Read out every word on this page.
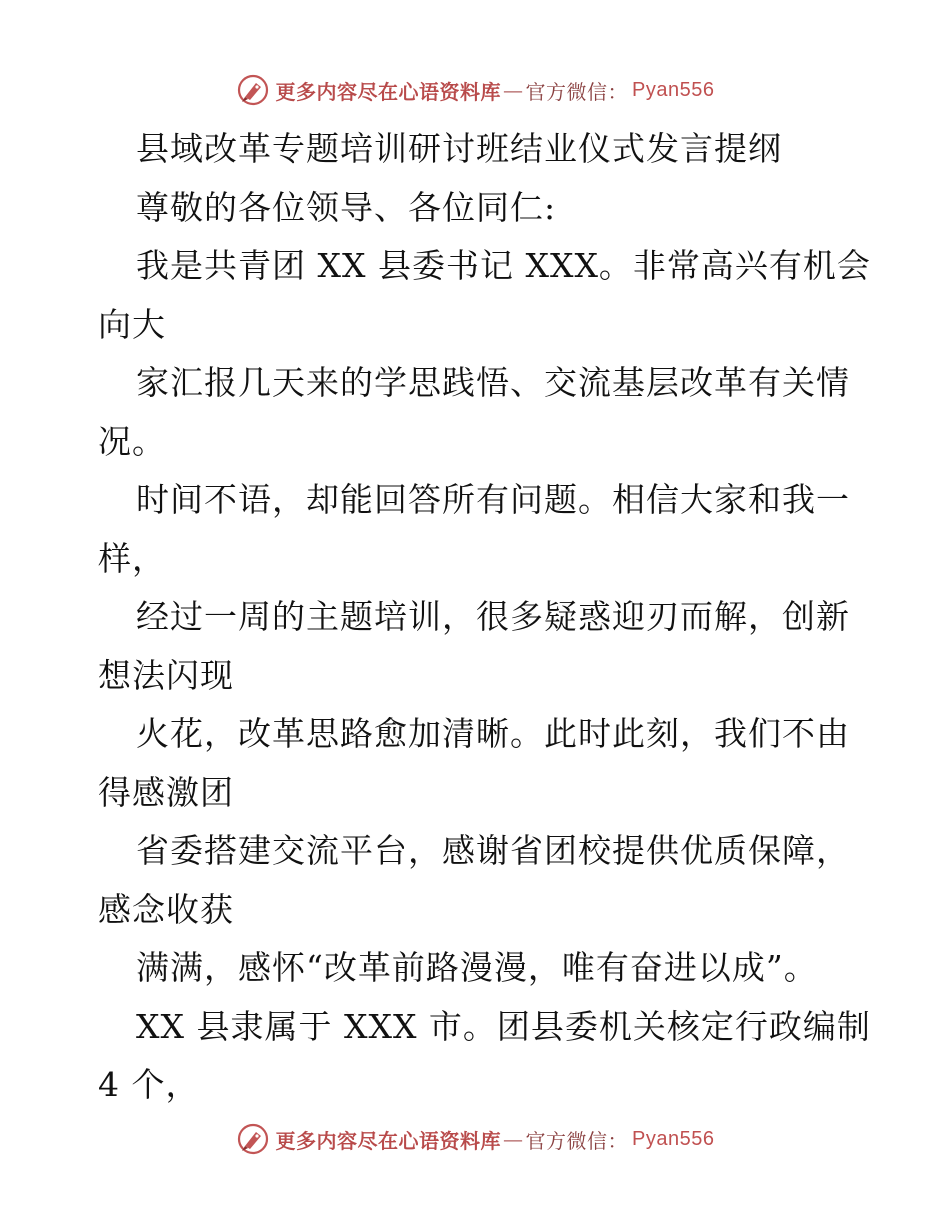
更多内容尽在心语资料库 — 官方微信： Pyan556
县域改革专题培训研讨班结业仪式发言提纲
尊敬的各位领导、各位同仁:
我是共青团 XX 县委书记 XXX。非常高兴有机会
向大
家汇报几天来的学思践悟、交流基层改革有关情
况。
时间不语，却能回答所有问题。相信大家和我一
样，
经过一周的主题培训，很多疑惑迎刃而解，创新
想法闪现
火花，改革思路愈加清晰。此时此刻，我们不由
得感激团
省委搭建交流平台，感谢省团校提供优质保障，
感念收获
满满，感怀“改革前路漫漫，唯有奋进以成”。
XX 县隶属于 XXX 市。团县委机关核定行政编制
4 个，
更多内容尽在心语资料库 — 官方微信： Pyan556
